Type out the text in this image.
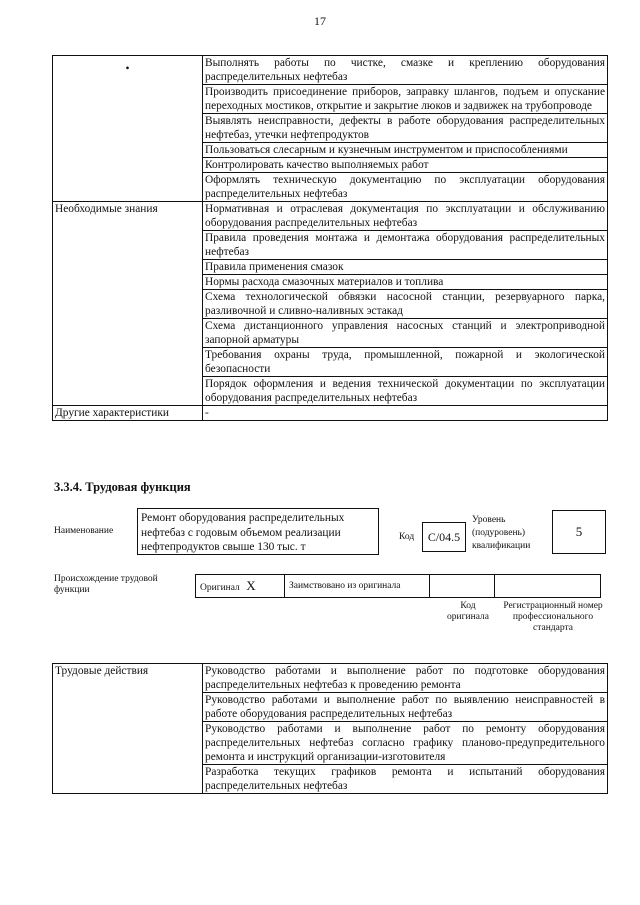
17
•	Выполнять работы по чистке, смазке и креплению оборудования распределительных нефтебаз
	Производить присоединение приборов, заправку шлангов, подъем и опускание переходных мостиков, открытие и закрытие люков и задвижек на трубопроводе
	Выявлять неисправности, дефекты в работе оборудования распределительных нефтебаз, утечки нефтепродуктов
	Пользоваться слесарным и кузнечным инструментом и приспособлениями
	Контролировать качество выполняемых работ
	Оформлять техническую документацию по эксплуатации оборудования распределительных нефтебаз
Необходимые знания	Нормативная и отраслевая документация по эксплуатации и обслуживанию оборудования распределительных нефтебаз
	Правила проведения монтажа и демонтажа оборудования распределительных нефтебаз
	Правила применения смазок
	Нормы расхода смазочных материалов и топлива
	Схема технологической обвязки насосной станции, резервуарного парка, разливочной и сливно-наливных эстакад
	Схема дистанционного управления насосных станций и электроприводной запорной арматуры
	Требования охраны труда, промышленной, пожарной и экологической безопасности
	Порядок оформления и ведения технической документации по эксплуатации оборудования распределительных нефтебаз
Другие характеристики	-
3.3.4. Трудовая функция
Наименование
Ремонт оборудования распределительных нефтебаз с годовым объемом реализации нефтепродуктов свыше 130 тыс. т
Код	C/04.5
Уровень (подуровень) квалификации
5
Происхождение трудовой функции	Оригинал X	Заимствовано из оригинала
Код оригинала
Регистрационный номер профессионального стандарта
Трудовые действия	Руководство работами и выполнение работ по подготовке оборудования распределительных нефтебаз к проведению ремонта
Руководство работами и выполнение работ по выявлению неисправностей в работе оборудования распределительных нефтебаз
Руководство работами и выполнение работ по ремонту оборудования распределительных нефтебаз согласно графику планово-предупредительного ремонта и инструкций организации-изготовителя
Разработка текущих графиков ремонта и испытаний оборудования распределительных нефтебаз
